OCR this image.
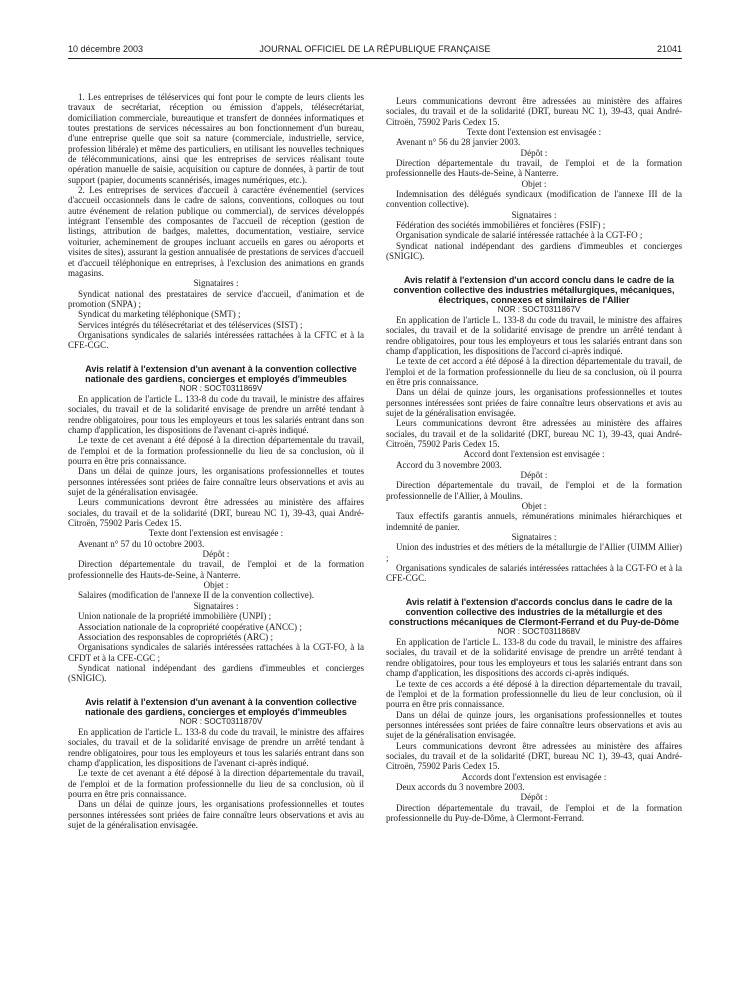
10 décembre 2003	JOURNAL OFFICIEL DE LA RÉPUBLIQUE FRANÇAISE	21041

1. Les entreprises de téléservices qui font pour le compte de leurs clients les travaux de secrétariat, réception ou émission d'appels, télésecrétariat, domiciliation commerciale, bureautique et transfert de données informatiques et toutes prestations de services nécessaires au bon fonctionnement d'un bureau, d'une entreprise quelle que soit sa nature (commerciale, industrielle, service, profession libérale) et même des particuliers, en utilisant les nouvelles techniques de télécommunications, ainsi que les entreprises de services réalisant toute opération manuelle de saisie, acquisition ou capture de données, à partir de tout support (papier, documents scannérisés, images numériques, etc.).

2. Les entreprises de services d'accueil à caractère événementiel (services d'accueil occasionnels dans le cadre de salons, conventions, colloques ou tout autre événement de relation publique ou commercial), de services développés intégrant l'ensemble des composantes de l'accueil de réception (gestion de listings, attribution de badges, malettes, documentation, vestiaire, service voiturier, acheminement de groupes incluant accueils en gares ou aéroports et visites de sites), assurant la gestion annualisée de prestations de services d'accueil et d'accueil téléphonique en entreprises, à l'exclusion des animations en grands magasins.

Signataires :

Syndicat national des prestataires de service d'accueil, d'animation et de promotion (SNPA) ;

Syndicat du marketing téléphonique (SMT) ;

Services intégrés du télésecrétariat et des téléservices (SIST) ;

Organisations syndicales de salariés intéressées rattachées à la CFTC et à la CFE-CGC.

Avis relatif à l'extension d'un avenant à la convention collective nationale des gardiens, concierges et employés d'immeubles

NOR : SOCT0311869V

En application de l'article L. 133-8 du code du travail, le ministre des affaires sociales, du travail et de la solidarité envisage de prendre un arrêté tendant à rendre obligatoires, pour tous les employeurs et tous les salariés entrant dans son champ d'application, les dispositions de l'avenant ci-après indiqué.

Le texte de cet avenant a été déposé à la direction départementale du travail, de l'emploi et de la formation professionnelle du lieu de sa conclusion, où il pourra en être pris connaissance.

Dans un délai de quinze jours, les organisations professionnelles et toutes personnes intéressées sont priées de faire connaître leurs observations et avis au sujet de la généralisation envisagée.

Leurs communications devront être adressées au ministère des affaires sociales, du travail et de la solidarité (DRT, bureau NC 1), 39-43, quai André-Citroën, 75902 Paris Cedex 15.

Texte dont l'extension est envisagée :

Avenant n° 57 du 10 octobre 2003.

Dépôt :

Direction départementale du travail, de l'emploi et de la formation professionnelle des Hauts-de-Seine, à Nanterre.

Objet :

Salaires (modification de l'annexe II de la convention collective).

Signataires :

Union nationale de la propriété immobilière (UNPI) ;

Association nationale de la copropriété coopérative (ANCC) ;

Association des responsables de copropriétés (ARC) ;

Organisations syndicales de salariés intéressées rattachées à la CGT-FO, à la CFDT et à la CFE-CGC ;

Syndicat national indépendant des gardiens d'immeubles et concierges (SNIGIC).

Avis relatif à l'extension d'un avenant à la convention collective nationale des gardiens, concierges et employés d'immeubles

NOR : SOCT0311870V

En application de l'article L. 133-8 du code du travail, le ministre des affaires sociales, du travail et de la solidarité envisage de prendre un arrêté tendant à rendre obligatoires, pour tous les employeurs et tous les salariés entrant dans son champ d'application, les dispositions de l'avenant ci-après indiqué.

Le texte de cet avenant a été déposé à la direction départementale du travail, de l'emploi et de la formation professionnelle du lieu de sa conclusion, où il pourra en être pris connaissance.

Dans un délai de quinze jours, les organisations professionnelles et toutes personnes intéressées sont priées de faire connaître leurs observations et avis au sujet de la généralisation envisagée.

Leurs communications devront être adressées au ministère des affaires sociales, du travail et de la solidarité (DRT, bureau NC 1), 39-43, quai André-Citroën, 75902 Paris Cedex 15.

Texte dont l'extension est envisagée :

Avenant n° 56 du 28 janvier 2003.

Dépôt :

Direction départementale du travail, de l'emploi et de la formation professionnelle des Hauts-de-Seine, à Nanterre.

Objet :

Indemnisation des délégués syndicaux (modification de l'annexe III de la convention collective).

Signataires :

Fédération des sociétés immobilières et foncières (FSIF) ;

Organisation syndicale de salarié intéressée rattachée à la CGT-FO ;

Syndicat national indépendant des gardiens d'immeubles et concierges (SNIGIC).

Avis relatif à l'extension d'un accord conclu dans le cadre de la convention collective des industries métallurgiques, mécaniques, électriques, connexes et similaires de l'Allier

NOR : SOCT0311867V

En application de l'article L. 133-8 du code du travail, le ministre des affaires sociales, du travail et de la solidarité envisage de prendre un arrêté tendant à rendre obligatoires, pour tous les employeurs et tous les salariés entrant dans son champ d'application, les dispositions de l'accord ci-après indiqué.

Le texte de cet accord a été déposé à la direction départementale du travail, de l'emploi et de la formation professionnelle du lieu de sa conclusion, où il pourra en être pris connaissance.

Dans un délai de quinze jours, les organisations professionnelles et toutes personnes intéressées sont priées de faire connaître leurs observations et avis au sujet de la généralisation envisagée.

Leurs communications devront être adressées au ministère des affaires sociales, du travail et de la solidarité (DRT, bureau NC 1), 39-43, quai André-Citroën, 75902 Paris Cedex 15.

Accord dont l'extension est envisagée :

Accord du 3 novembre 2003.

Dépôt :

Direction départementale du travail, de l'emploi et de la formation professionnelle de l'Allier, à Moulins.

Objet :

Taux effectifs garantis annuels, rémunérations minimales hiérarchiques et indemnité de panier.

Signataires :

Union des industries et des métiers de la métallurgie de l'Allier (UIMM Allier) ;

Organisations syndicales de salariés intéressées rattachées à la CGT-FO et à la CFE-CGC.

Avis relatif à l'extension d'accords conclus dans le cadre de la convention collective des industries de la métallurgie et des constructions mécaniques de Clermont-Ferrand et du Puy-de-Dôme

NOR : SOCT0311868V

En application de l'article L. 133-8 du code du travail, le ministre des affaires sociales, du travail et de la solidarité envisage de prendre un arrêté tendant à rendre obligatoires, pour tous les employeurs et tous les salariés entrant dans son champ d'application, les dispositions des accords ci-après indiqués.

Le texte de ces accords a été déposé à la direction départementale du travail, de l'emploi et de la formation professionnelle du lieu de leur conclusion, où il pourra en être pris connaissance.

Dans un délai de quinze jours, les organisations professionnelles et toutes personnes intéressées sont priées de faire connaître leurs observations et avis au sujet de la généralisation envisagée.

Leurs communications devront être adressées au ministère des affaires sociales, du travail et de la solidarité (DRT, bureau NC 1), 39-43, quai André-Citroën, 75902 Paris Cedex 15.

Accords dont l'extension est envisagée :

Deux accords du 3 novembre 2003.

Dépôt :

Direction départementale du travail, de l'emploi et de la formation professionnelle du Puy-de-Dôme, à Clermont-Ferrand.
